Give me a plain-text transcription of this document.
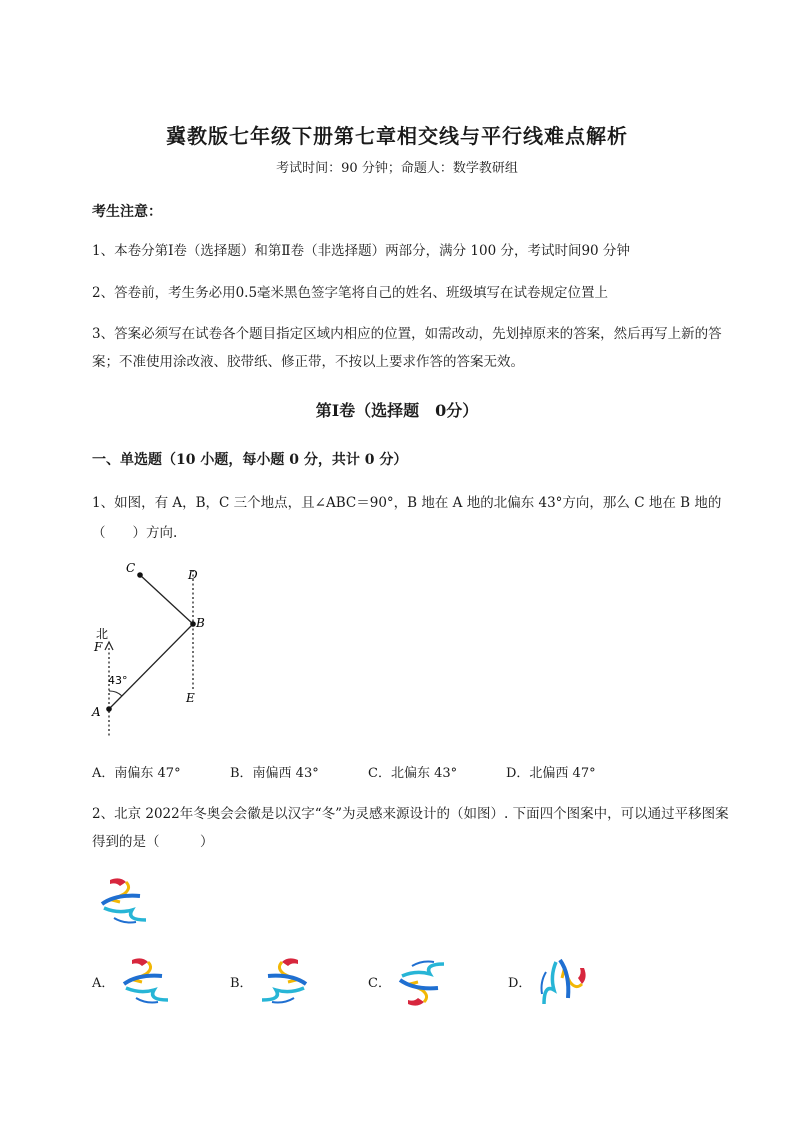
冀教版七年级下册第七章相交线与平行线难点解析
考试时间：90 分钟；命题人：数学教研组
考生注意：
1、本卷分第Ⅰ卷（选择题）和第Ⅱ卷（非选择题）两部分，满分 100 分，考试时间90 分钟
2、答卷前，考生务必用0.5毫米黑色签字笔将自己的姓名、班级填写在试卷规定位置上
3、答案必须写在试卷各个题目指定区域内相应的位置，如需改动，先划掉原来的答案，然后再写上新的答案；不准使用涂改液、胶带纸、修正带，不按以上要求作答的答案无效。
第Ⅰ卷（选择题　0分）
一、单选题（10 小题，每小题 0 分，共计 0 分）
1、如图，有 A，B，C 三个地点，且∠ABC＝90°，B 地在 A 地的北偏东 43°方向，那么 C 地在 B 地的（　　）方向.
C	D
B
北
F
43°
E
A
A．南偏东 47°	B．南偏西 43°	C．北偏东 43°	D．北偏西 47°
2、北京 2022年冬奥会会徽是以汉字“冬”为灵感来源设计的（如图）. 下面四个图案中，可以通过平移图案得到的是（　　　）
A．	B．	C．	D．
